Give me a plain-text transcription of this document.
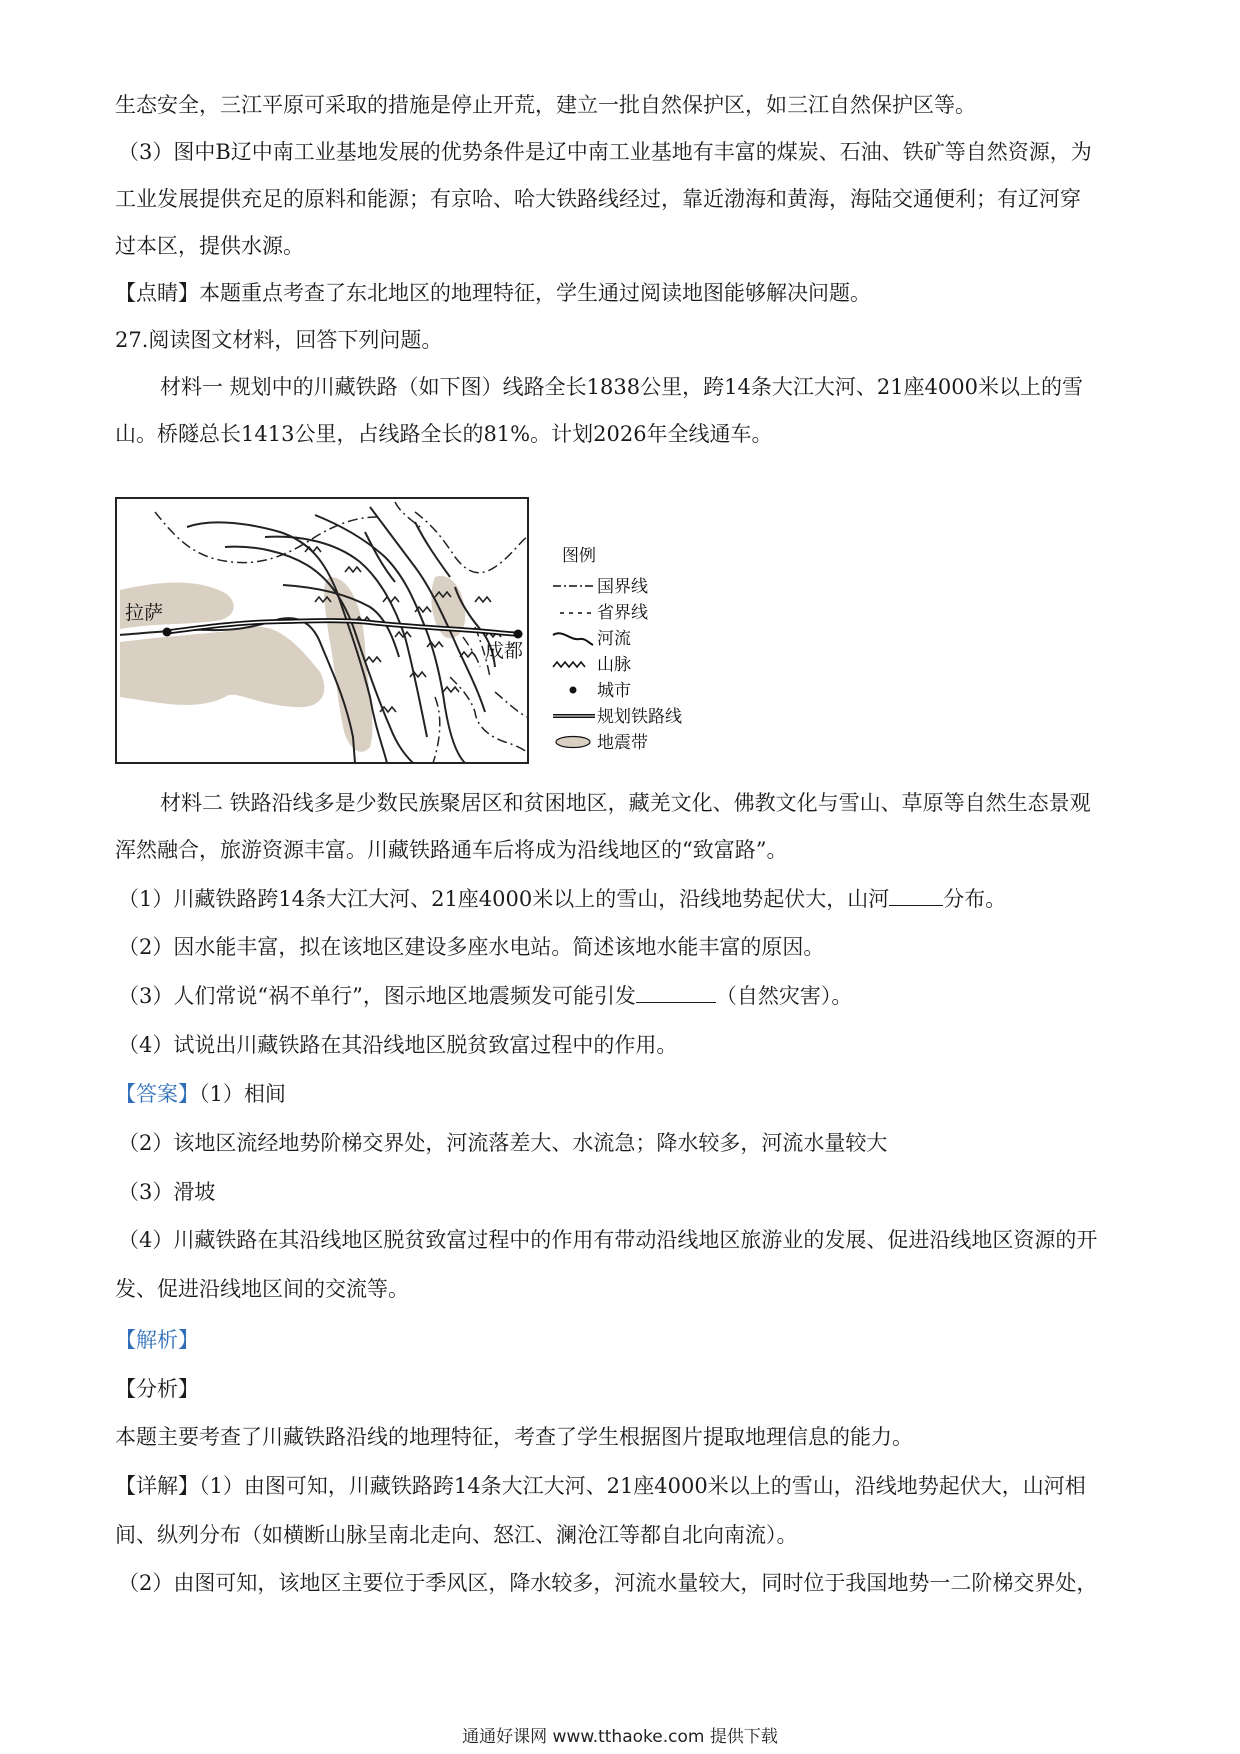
生态安全，三江平原可采取的措施是停止开荒，建立一批自然保护区，如三江自然保护区等。
（3）图中B辽中南工业基地发展的优势条件是辽中南工业基地有丰富的煤炭、石油、铁矿等自然资源，为
工业发展提供充足的原料和能源；有京哈、哈大铁路线经过，靠近渤海和黄海，海陆交通便利；有辽河穿
过本区，提供水源。
【点睛】本题重点考查了东北地区的地理特征，学生通过阅读地图能够解决问题。
27.阅读图文材料，回答下列问题。
材料一 规划中的川藏铁路（如下图）线路全长1838公里，跨14条大江大河、21座4000米以上的雪
山。桥隧总长1413公里，占线路全长的81%。计划2026年全线通车。
拉萨
成都
图例
国界线
省界线
河流
山脉
城市
规划铁路线
地震带
材料二 铁路沿线多是少数民族聚居区和贫困地区，藏羌文化、佛教文化与雪山、草原等自然生态景观
浑然融合，旅游资源丰富。川藏铁路通车后将成为沿线地区的“致富路”。
（1）川藏铁路跨14条大江大河、21座4000米以上的雪山，沿线地势起伏大，山河	分布。
（2）因水能丰富，拟在该地区建设多座水电站。简述该地水能丰富的原因。
（3）人们常说“祸不单行”，图示地区地震频发可能引发	（自然灾害）。
（4）试说出川藏铁路在其沿线地区脱贫致富过程中的作用。
【答案】（1）相间
（2）该地区流经地势阶梯交界处，河流落差大、水流急；降水较多，河流水量较大
（3）滑坡
（4）川藏铁路在其沿线地区脱贫致富过程中的作用有带动沿线地区旅游业的发展、促进沿线地区资源的开
发、促进沿线地区间的交流等。
【解析】
【分析】
本题主要考查了川藏铁路沿线的地理特征，考查了学生根据图片提取地理信息的能力。
【详解】（1）由图可知，川藏铁路跨14条大江大河、21座4000米以上的雪山，沿线地势起伏大，山河相
间、纵列分布（如横断山脉呈南北走向、怒江、澜沧江等都自北向南流）。
（2）由图可知，该地区主要位于季风区，降水较多，河流水量较大，同时位于我国地势一二阶梯交界处，
通通好课网 www.tthaoke.com 提供下载
